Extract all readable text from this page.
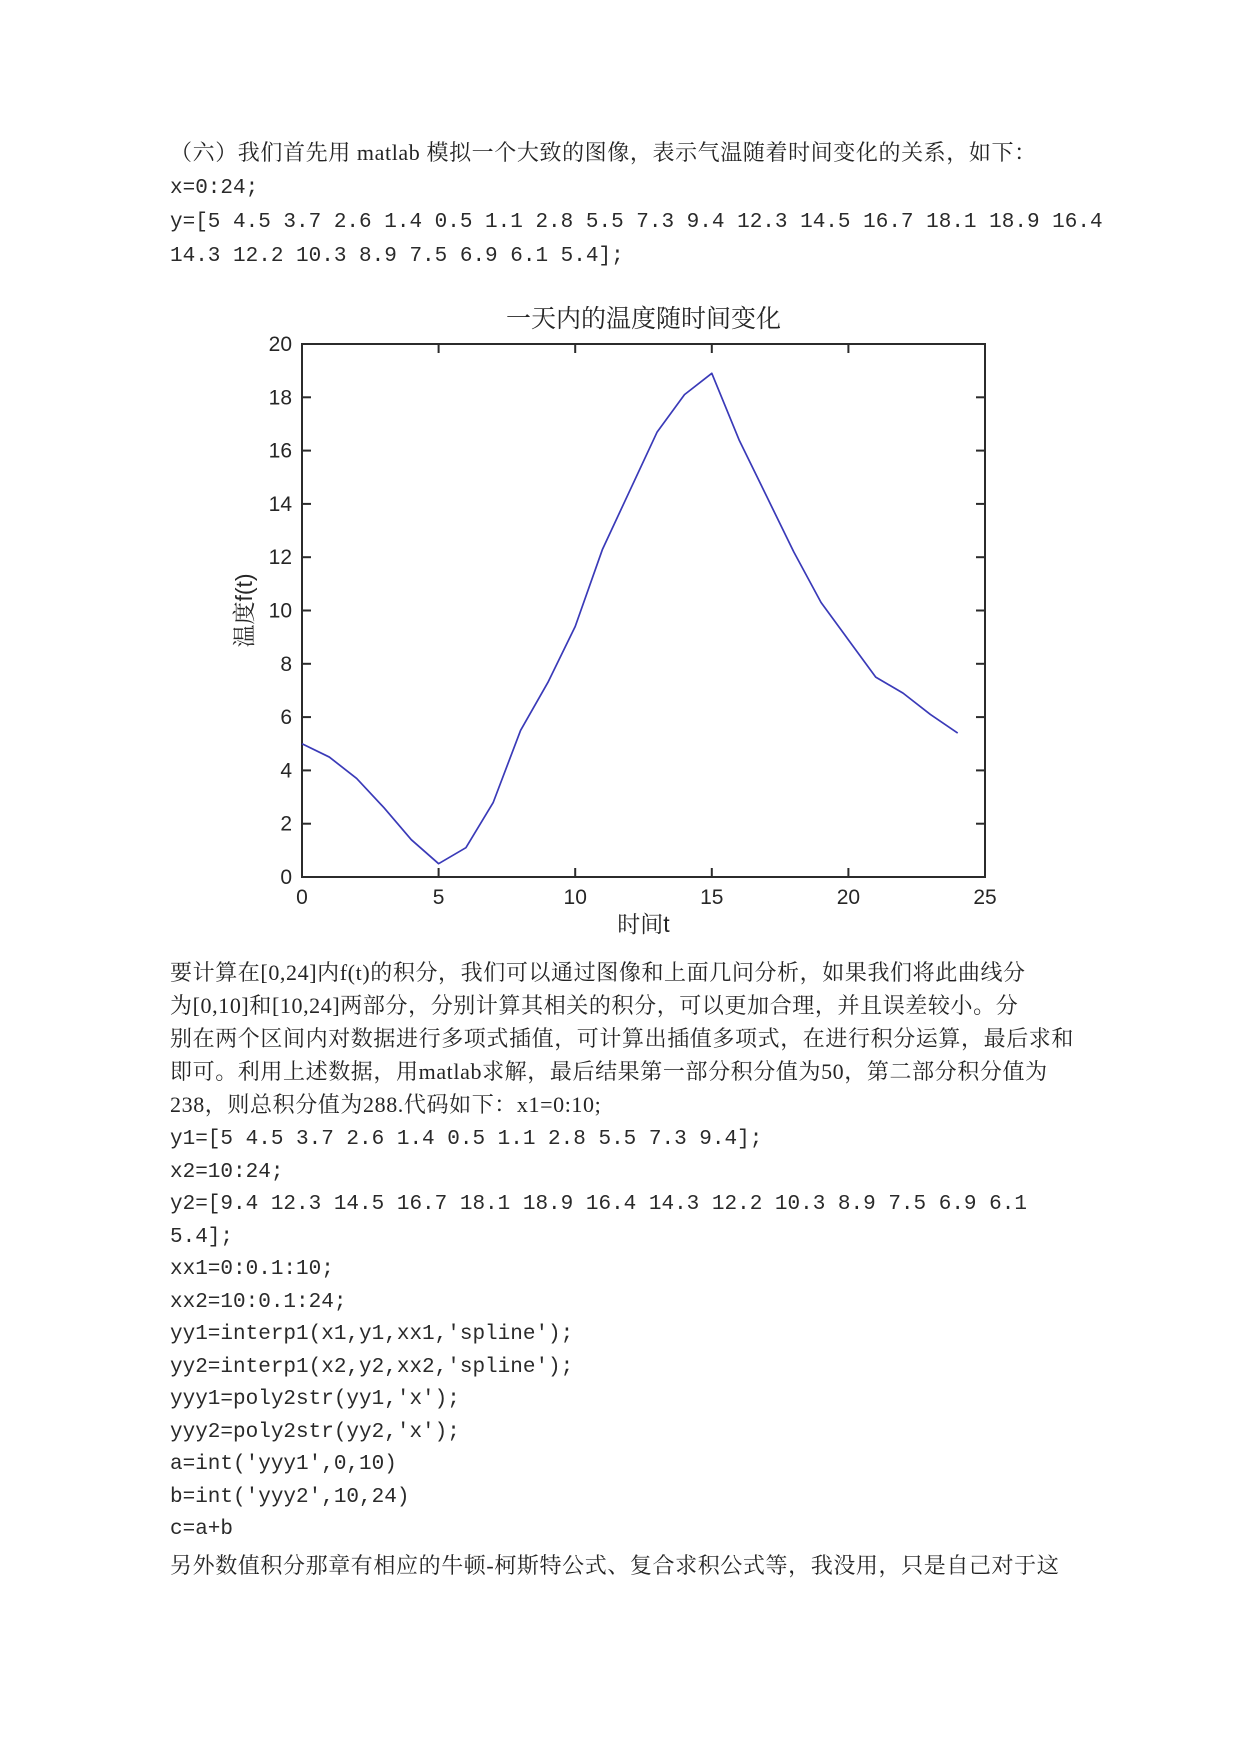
（六）我们首先用 matlab 模拟一个大致的图像，表示气温随着时间变化的关系，如下：
x=0:24;
y=[5 4.5 3.7 2.6 1.4 0.5 1.1 2.8 5.5 7.3 9.4 12.3 14.5 16.7 18.1 18.9 16.4
14.3 12.2 10.3 8.9 7.5 6.9 6.1 5.4];
0	5	10	15	20	25
0
2
4
6
8
10
12
14
16
18
20
一天内的温度随时间变化
时间t
温度f(t)
要计算在[0,24]内f(t)的积分，我们可以通过图像和上面几问分析，如果我们将此曲线分
为[0,10]和[10,24]两部分，分别计算其相关的积分，可以更加合理，并且误差较小。分
别在两个区间内对数据进行多项式插值，可计算出插值多项式，在进行积分运算，最后求和
即可。利用上述数据，用matlab求解，最后结果第一部分积分值为50，第二部分积分值为
238，则总积分值为288.代码如下：x1=0:10;
y1=[5 4.5 3.7 2.6 1.4 0.5 1.1 2.8 5.5 7.3 9.4];
x2=10:24;
y2=[9.4 12.3 14.5 16.7 18.1 18.9 16.4 14.3 12.2 10.3 8.9 7.5 6.9 6.1
5.4];
xx1=0:0.1:10;
xx2=10:0.1:24;
yy1=interp1(x1,y1,xx1,'spline');
yy2=interp1(x2,y2,xx2,'spline');
yyy1=poly2str(yy1,'x');
yyy2=poly2str(yy2,'x');
a=int('yyy1',0,10)
b=int('yyy2',10,24)
c=a+b
另外数值积分那章有相应的牛顿-柯斯特公式、复合求积公式等，我没用，只是自己对于这
